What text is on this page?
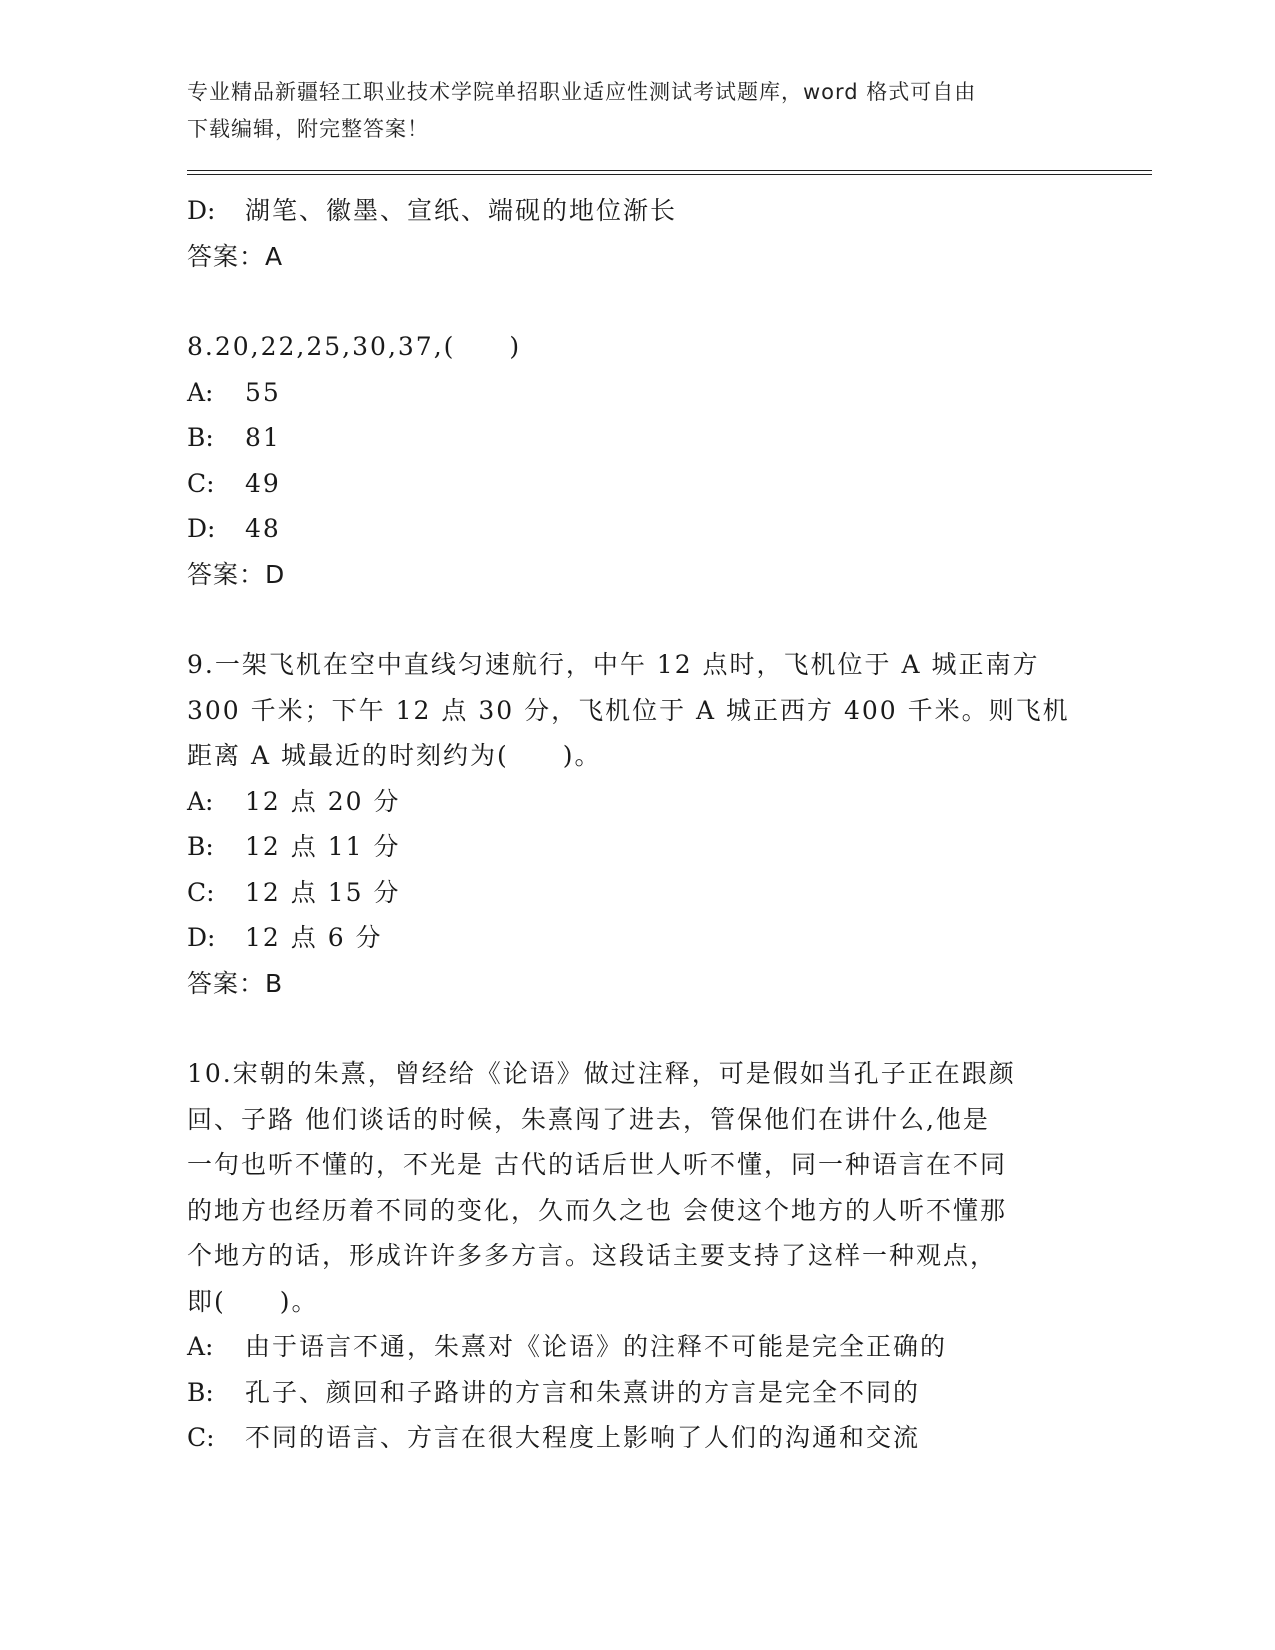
专业精品新疆轻工职业技术学院单招职业适应性测试考试题库，word 格式可自由
下载编辑，附完整答案！
D: 湖笔、徽墨、宣纸、端砚的地位渐长
答案：A
8.20,22,25,30,37,(　　)
A: 55
B: 81
C: 49
D: 48
答案：D
9.一架飞机在空中直线匀速航行，中午 12 点时，飞机位于 A 城正南方
300 千米；下午 12 点 30 分，飞机位于 A 城正西方 400 千米。则飞机
距离 A 城最近的时刻约为(　　)。
A: 12 点 20 分
B: 12 点 11 分
C: 12 点 15 分
D: 12 点 6 分
答案：B
10.宋朝的朱熹，曾经给《论语》做过注释，可是假如当孔子正在跟颜
回、子路 他们谈话的时候，朱熹闯了进去，管保他们在讲什么,他是
一句也听不懂的，不光是 古代的话后世人听不懂，同一种语言在不同
的地方也经历着不同的变化，久而久之也 会使这个地方的人听不懂那
个地方的话，形成许许多多方言。这段话主要支持了这样一种观点，
即(　　)。
A: 由于语言不通，朱熹对《论语》的注释不可能是完全正确的
B: 孔子、颜回和子路讲的方言和朱熹讲的方言是完全不同的
C: 不同的语言、方言在很大程度上影响了人们的沟通和交流
